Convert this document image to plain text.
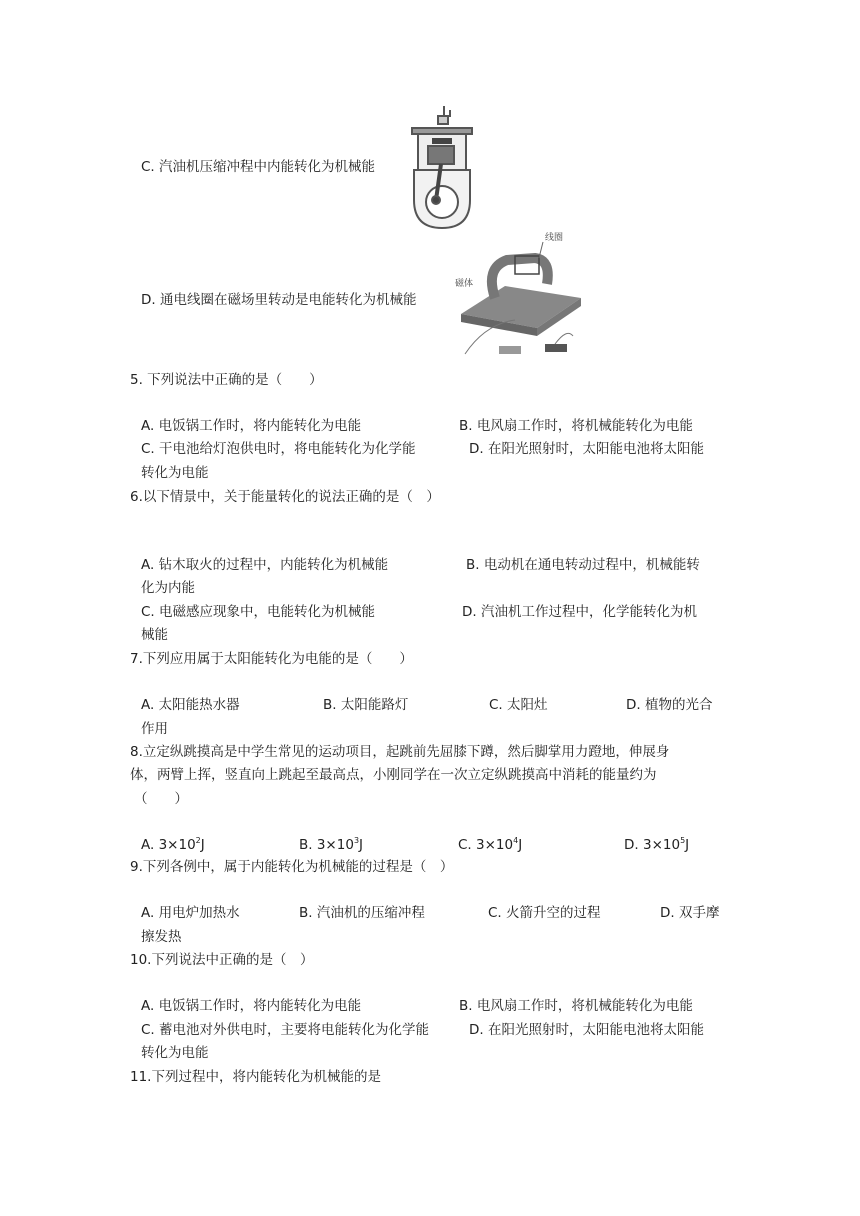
C. 汽油机压缩冲程中内能转化为机械能
D. 通电线圈在磁场里转动是电能转化为机械能
线圈
磁体
5. 下列说法中正确的是（　　）
A. 电饭锅工作时，将内能转化为电能	B. 电风扇工作时，将机械能转化为电能
C. 干电池给灯泡供电时，将电能转化为化学能	D. 在阳光照射时，太阳能电池将太阳能
转化为电能
6.以下情景中，关于能量转化的说法正确的是（　）
A. 钻木取火的过程中，内能转化为机械能	B. 电动机在通电转动过程中，机械能转
化为内能
C. 电磁感应现象中，电能转化为机械能	D. 汽油机工作过程中，化学能转化为机
械能
7.下列应用属于太阳能转化为电能的是（　　）
A. 太阳能热水器	B. 太阳能路灯	C. 太阳灶	D. 植物的光合
作用
8.立定纵跳摸高是中学生常见的运动项目，起跳前先屈膝下蹲，然后脚掌用力蹬地，伸展身
体，两臂上挥，竖直向上跳起至最高点，小刚同学在一次立定纵跳摸高中消耗的能量约为
（　　）
A. $3\times 10^2J$	B. $3\times 10^3J$	C. $3\times 10^4J$	D. $3\times 10^5J$
9.下列各例中，属于内能转化为机械能的过程是（　）
A. 用电炉加热水	B. 汽油机的压缩冲程	C. 火箭升空的过程	D. 双手摩
擦发热
10.下列说法中正确的是（　）
A. 电饭锅工作时，将内能转化为电能	B. 电风扇工作时，将机械能转化为电能
C. 蓄电池对外供电时，主要将电能转化为化学能	D. 在阳光照射时，太阳能电池将太阳能
转化为电能
11.下列过程中，将内能转化为机械能的是
